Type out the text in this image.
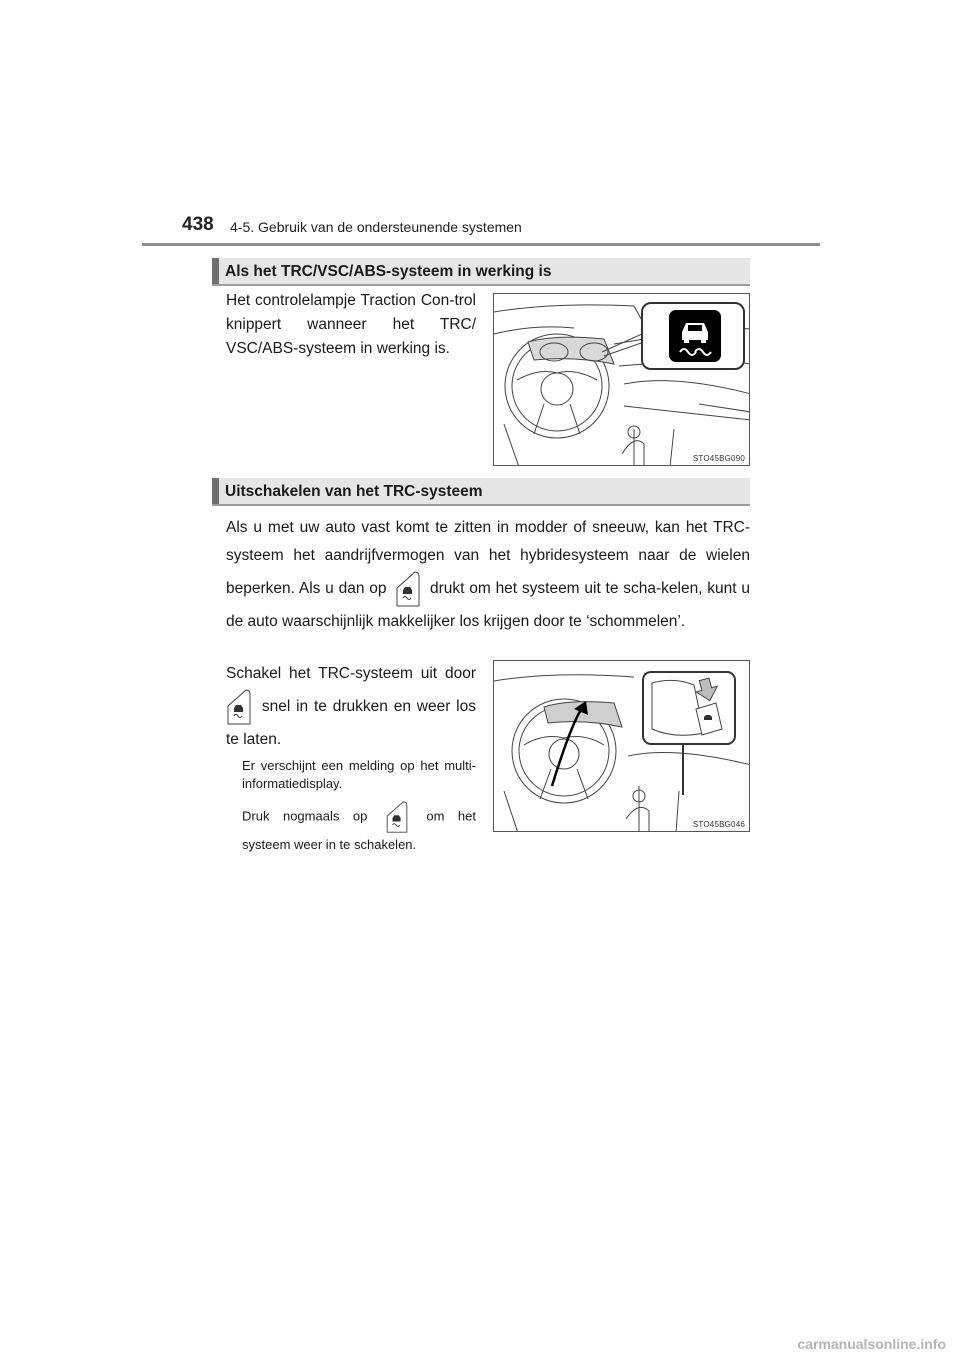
438 4-5. Gebruik van de ondersteunende systemen
Als het TRC/VSC/ABS-systeem in werking is

Het controlelampje Traction Con-trol knippert wanneer het TRC/ VSC/ABS-systeem in werking is.

STO45BG090
Uitschakelen van het TRC-systeem

Als u met uw auto vast komt te zitten in modder of sneeuw, kan het TRC-systeem het aandrijfvermogen van het hybridesysteem naar de wielen beperken. Als u dan op	drukt om het systeem uit te scha-kelen, kunt u de auto waarschijnlijk makkelijker los krijgen door te ‘schommelen’.

Schakel het TRC-systeem uit door  snel in te drukken en weer los te laten.

Er verschijnt een melding op het multi-informatiedisplay.

Druk nogmaals op	om het systeem weer in te schakelen.

STO45BG046
carmanualsonline.info
